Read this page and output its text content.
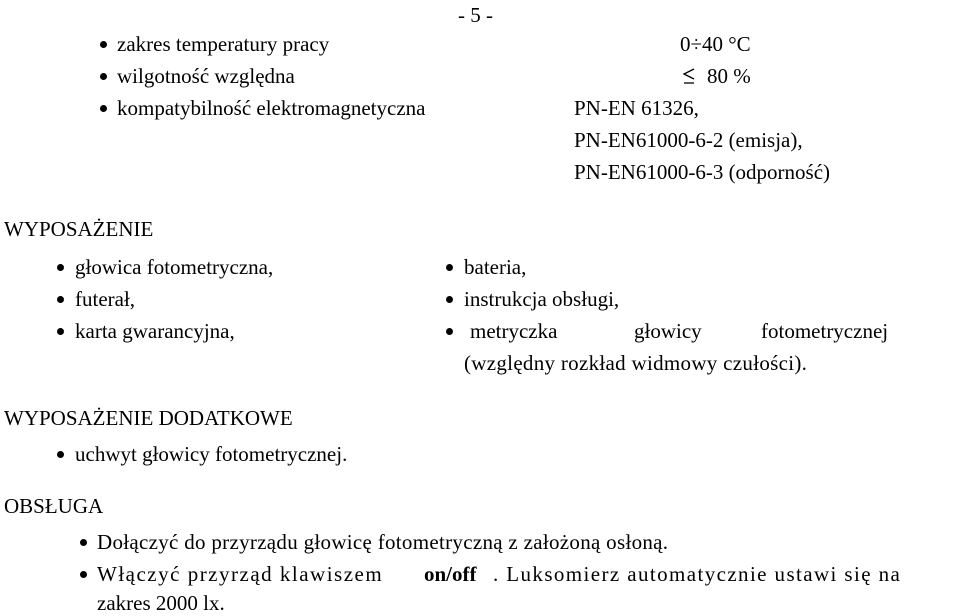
- 5 -
zakres temperatury pracy	0÷40 °C
wilgotność względna	80 %
kompatybilność elektromagnetyczna	PN-EN 61326,
PN-EN61000-6-2 (emisja),
PN-EN61000-6-3 (odporność)
WYPOSAŻENIE
głowica fotometryczna,
futerał,
karta gwarancyjna,
bateria,
instrukcja obsługi,
metryczka	głowicy	fotometrycznej
(względny rozkład widmowy czułości).
WYPOSAŻENIE DODATKOWE
uchwyt głowicy fotometrycznej.
OBSŁUGA
Dołączyć do przyrządu głowicę fotometryczną z założoną osłoną.
Włączyć przyrząd klawiszem on/off . Luksomierz automatycznie ustawi się na
zakres 2000 lx.
